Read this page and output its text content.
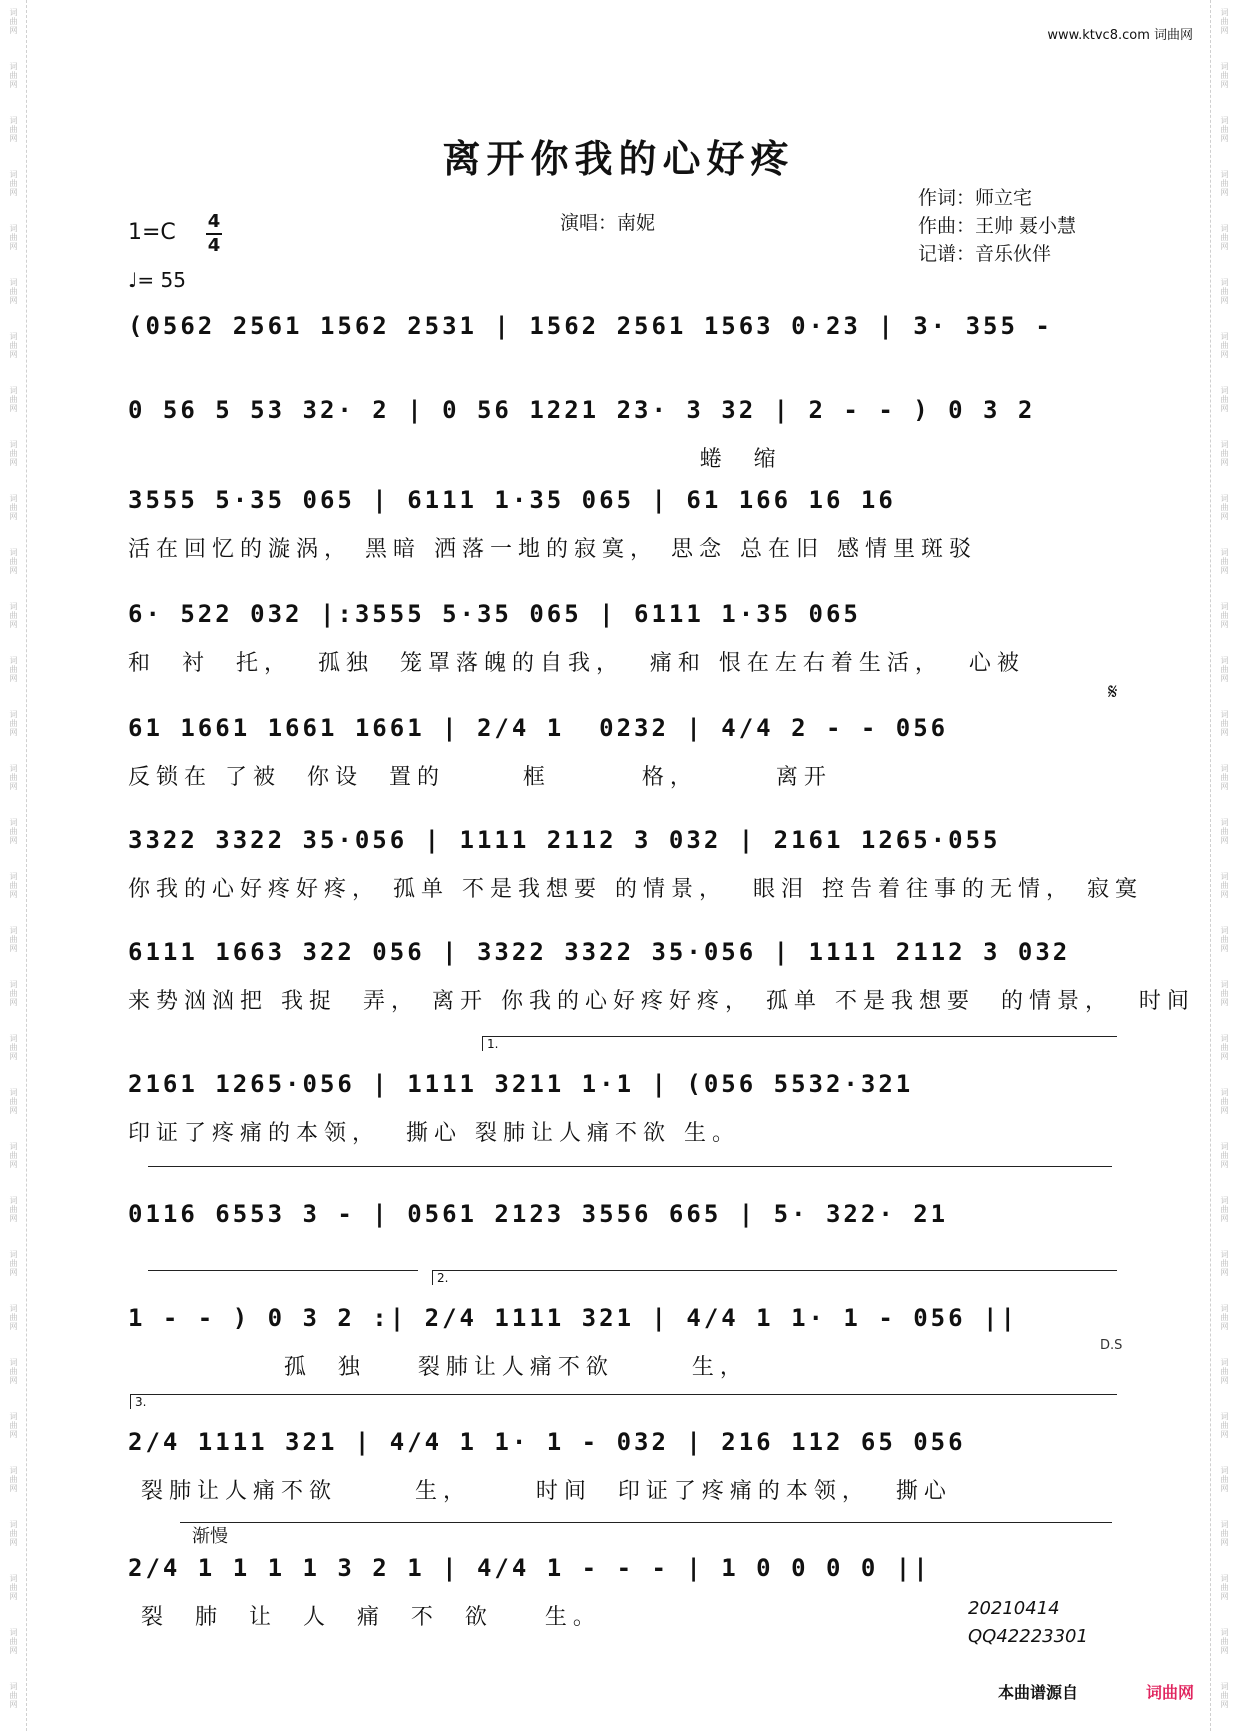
词曲网
词曲网
词曲网
词曲网
词曲网
词曲网
词曲网
词曲网
词曲网
词曲网
词曲网
词曲网
词曲网
词曲网
词曲网
词曲网
词曲网
词曲网
词曲网
词曲网
词曲网
词曲网
词曲网
词曲网
词曲网
词曲网
词曲网
词曲网
词曲网
词曲网
词曲网
词曲网
词曲网
词曲网
词曲网
词曲网
词曲网
词曲网
词曲网
词曲网
词曲网
词曲网
词曲网
词曲网
词曲网
词曲网
词曲网
词曲网
词曲网
词曲网
词曲网
词曲网
词曲网
词曲网
词曲网
词曲网
词曲网
词曲网
词曲网
词曲网
词曲网
词曲网
词曲网
词曲网
www.ktvc8.com 词曲网
离开你我的心好疼
演唱：南妮
作词：师立宅
作曲：王帅 聂小慧
记谱：音乐伙伴
1=C 4
4
♩= 55
(0562 2561 1562 2531 | 1562 2561 1563 0·23 | 3· 355 -
0 56 5 53 32· 2 | 0 56 1221 23· 3 32 | 2 - - ) 0 3 2
蜷  缩
3555 5·35 065 | 6111 1·35 065 | 61 166 16 16
活在回忆的漩涡， 黑暗 洒落一地的寂寞， 思念 总在旧 感情里斑驳
6· 522 032 |:3555 5·35 065 | 6111 1·35 065
和  衬  托，  孤独  笼罩落魄的自我，  痛和 恨在左右着生活，  心被
𝄋
61 1661 1661 1661 | 2/4 1  0232 | 4/4 2 - - 056
反锁在 了被  你设  置的      框       格，      离开
3322 3322 35·056 | 1111 2112 3 032 | 2161 1265·055
你我的心好疼好疼， 孤单 不是我想要 的情景，  眼泪 控告着往事的无情， 寂寞
6111 1663 322 056 | 3322 3322 35·056 | 1111 2112 3 032
来势汹汹把 我捉  弄， 离开 你我的心好疼好疼， 孤单 不是我想要  的情景，  时间
1.
2161 1265·056 | 1111 3211 1·1 | (056 5532·321
印证了疼痛的本领，  撕心 裂肺让人痛不欲 生。
0116 6553 3 - | 0561 2123 3556 665 | 5· 322· 21
2.
1 - - ) 0 3 2 :| 2/4 1111 321 | 4/4 1 1· 1 - 056 ||
D.S
孤  独    裂肺让人痛不欲      生，
3.
2/4 1111 321 | 4/4 1 1· 1 - 032 | 216 112 65 056
裂肺让人痛不欲      生，     时间  印证了疼痛的本领，  撕心
渐慢
2/4 1 1 1 1 3 2 1 | 4/4 1 - - - | 1 0 0 0 0 ||
裂  肺  让  人  痛  不  欲    生。	20210414
QQ42223301
本曲谱源自	词曲网
